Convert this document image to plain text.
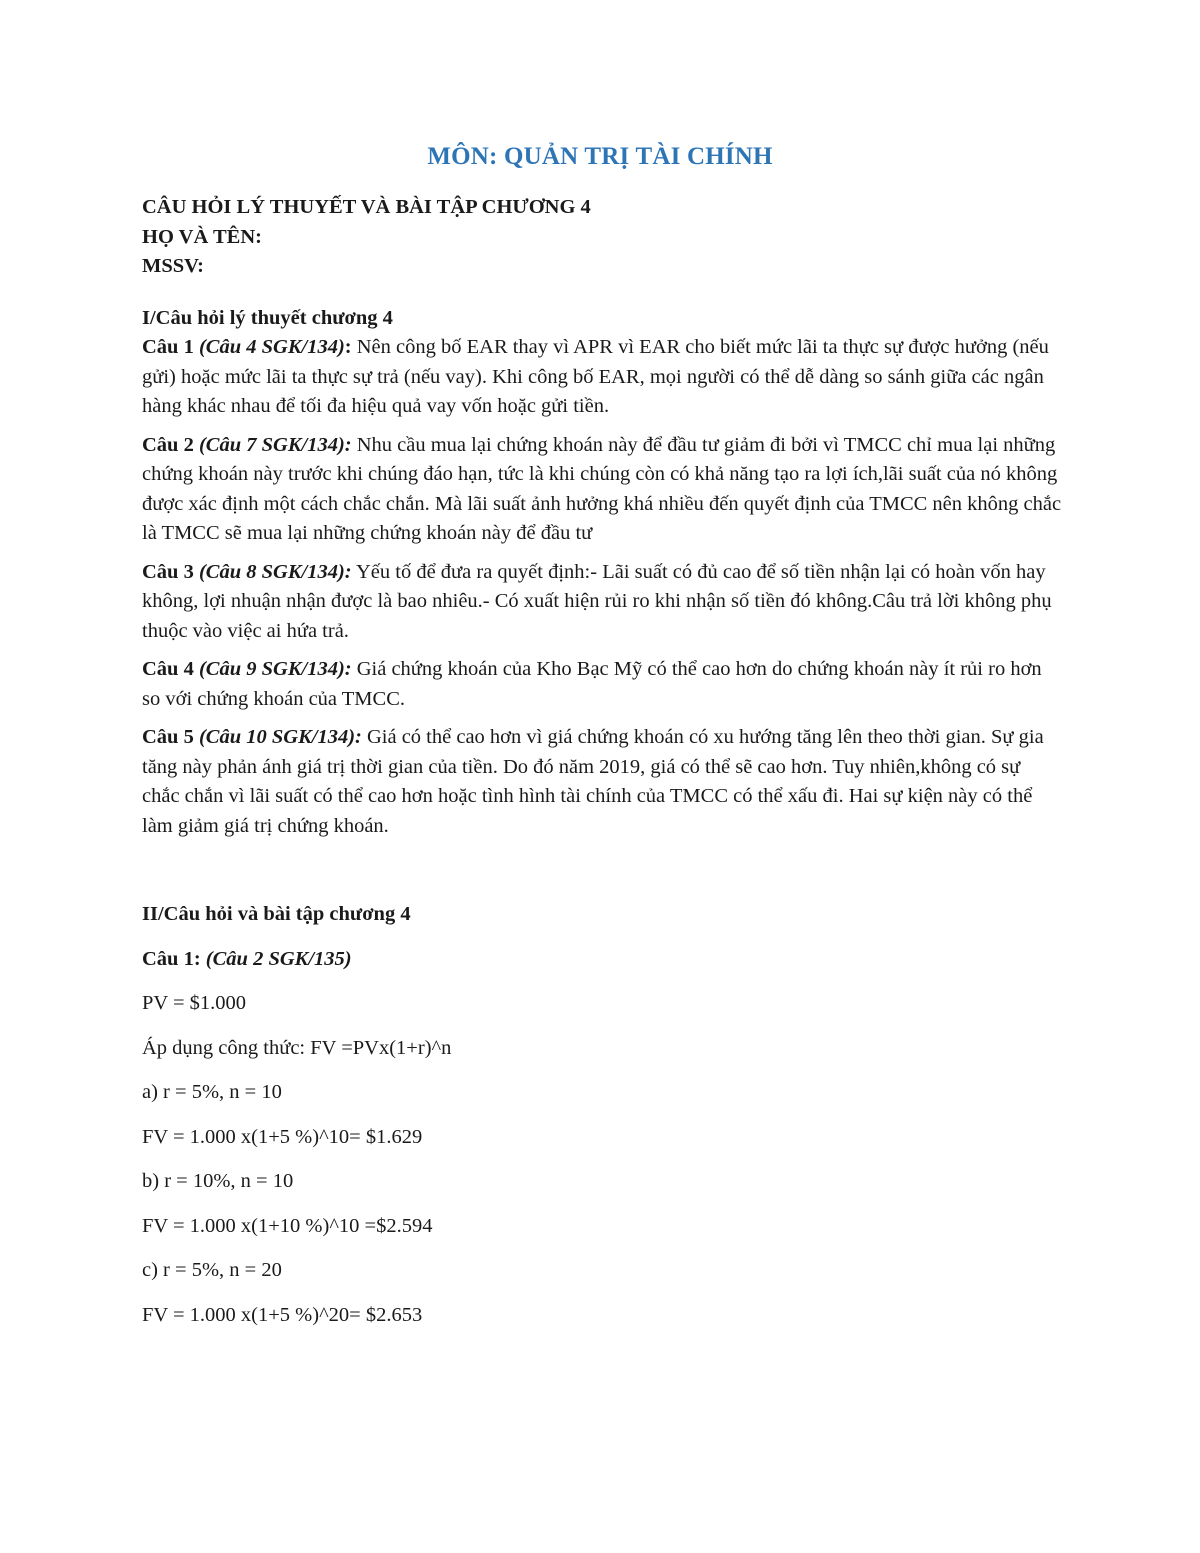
MÔN: QUẢN TRỊ TÀI CHÍNH

CÂU HỎI LÝ THUYẾT VÀ BÀI TẬP CHƯƠNG 4

HỌ VÀ TÊN:

MSSV:

I/Câu hỏi lý thuyết chương 4

Câu 1 (Câu 4 SGK/134): Nên công bố EAR thay vì APR vì EAR cho biết mức lãi ta thực sự được hưởng (nếu gửi) hoặc mức lãi ta thực sự trả (nếu vay). Khi công bố EAR, mọi người có thể dễ dàng so sánh giữa các ngân hàng khác nhau để tối đa hiệu quả vay vốn hoặc gửi tiền.

Câu 2 (Câu 7 SGK/134): Nhu cầu mua lại chứng khoán này để đầu tư giảm đi bởi vì TMCC chỉ mua lại những chứng khoán này trước khi chúng đáo hạn, tức là khi chúng còn có khả năng tạo ra lợi ích,lãi suất của nó không được xác định một cách chắc chắn. Mà lãi suất ảnh hưởng khá nhiều đến quyết định của TMCC nên không chắc là TMCC sẽ mua lại những chứng khoán này để đầu tư

Câu 3 (Câu 8 SGK/134): Yếu tố để đưa ra quyết định:- Lãi suất có đủ cao để số tiền nhận lại có hoàn vốn hay không, lợi nhuận nhận được là bao nhiêu.- Có xuất hiện rủi ro khi nhận số tiền đó không.Câu trả lời không phụ thuộc vào việc ai hứa trả.

Câu 4 (Câu 9 SGK/134): Giá chứng khoán của Kho Bạc Mỹ có thể cao hơn do chứng khoán này ít rủi ro hơn so với chứng khoán của TMCC.

Câu 5 (Câu 10 SGK/134): Giá có thể cao hơn vì giá chứng khoán có xu hướng tăng lên theo thời gian. Sự gia tăng này phản ánh giá trị thời gian của tiền. Do đó năm 2019, giá có thể sẽ cao hơn. Tuy nhiên,không có sự chắc chắn vì lãi suất có thể cao hơn hoặc tình hình tài chính của TMCC có thể xấu đi. Hai sự kiện này có thể làm giảm giá trị chứng khoán.

II/Câu hỏi và bài tập chương 4

Câu 1: (Câu 2 SGK/135)

PV = $1.000

Áp dụng công thức: FV =PVx(1+r)^n

a) r = 5%, n = 10

FV = 1.000 x(1+5 %)^10= $1.629

b) r = 10%, n = 10

FV = 1.000 x(1+10 %)^10 =$2.594

c) r = 5%, n = 20

FV = 1.000 x(1+5 %)^20= $2.653
